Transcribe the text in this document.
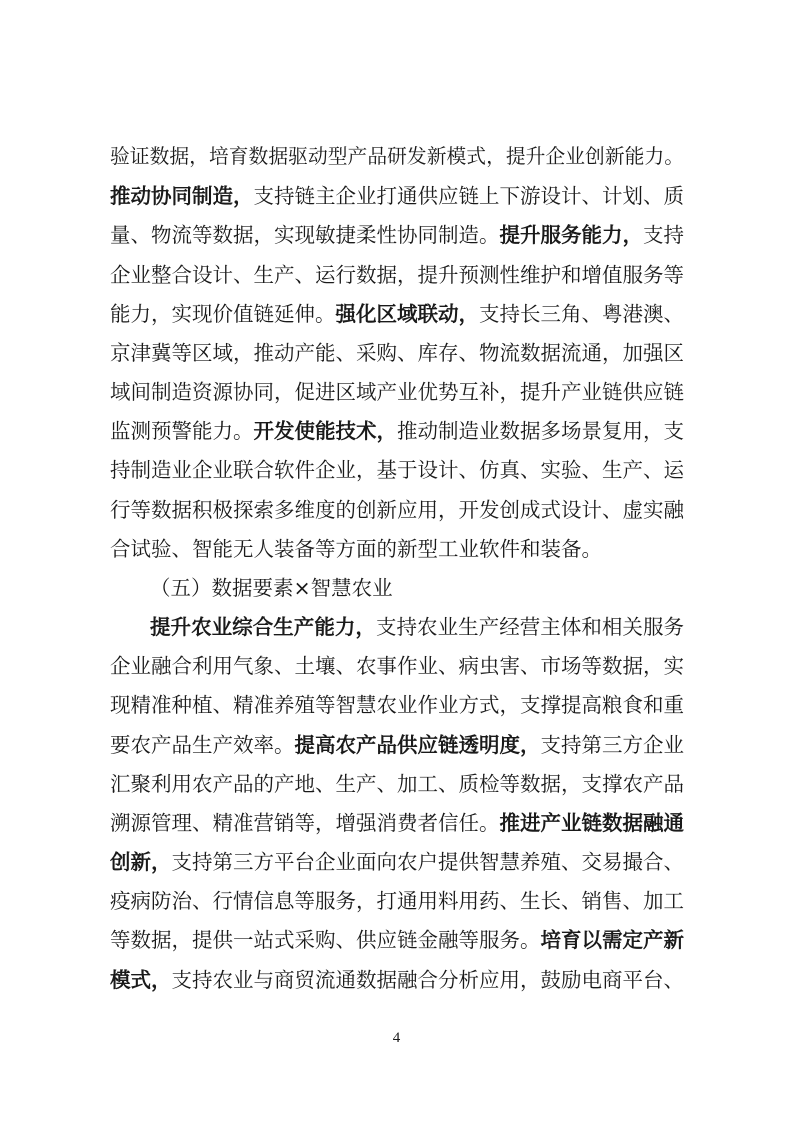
验证数据，培育数据驱动型产品研发新模式，提升企业创新能力。
推动协同制造，支持链主企业打通供应链上下游设计、计划、质
量、物流等数据，实现敏捷柔性协同制造。提升服务能力，支持
企业整合设计、生产、运行数据，提升预测性维护和增值服务等
能力，实现价值链延伸。强化区域联动，支持长三角、粤港澳、
京津冀等区域，推动产能、采购、库存、物流数据流通，加强区
域间制造资源协同，促进区域产业优势互补，提升产业链供应链
监测预警能力。开发使能技术，推动制造业数据多场景复用，支
持制造业企业联合软件企业，基于设计、仿真、实验、生产、运
行等数据积极探索多维度的创新应用，开发创成式设计、虚实融
合试验、智能无人装备等方面的新型工业软件和装备。
（五）数据要素×智慧农业
提升农业综合生产能力，支持农业生产经营主体和相关服务
企业融合利用气象、土壤、农事作业、病虫害、市场等数据，实
现精准种植、精准养殖等智慧农业作业方式，支撑提高粮食和重
要农产品生产效率。提高农产品供应链透明度，支持第三方企业
汇聚利用农产品的产地、生产、加工、质检等数据，支撑农产品
溯源管理、精准营销等，增强消费者信任。推进产业链数据融通
创新，支持第三方平台企业面向农户提供智慧养殖、交易撮合、
疫病防治、行情信息等服务，打通用料用药、生长、销售、加工
等数据，提供一站式采购、供应链金融等服务。培育以需定产新
模式，支持农业与商贸流通数据融合分析应用，鼓励电商平台、
4
